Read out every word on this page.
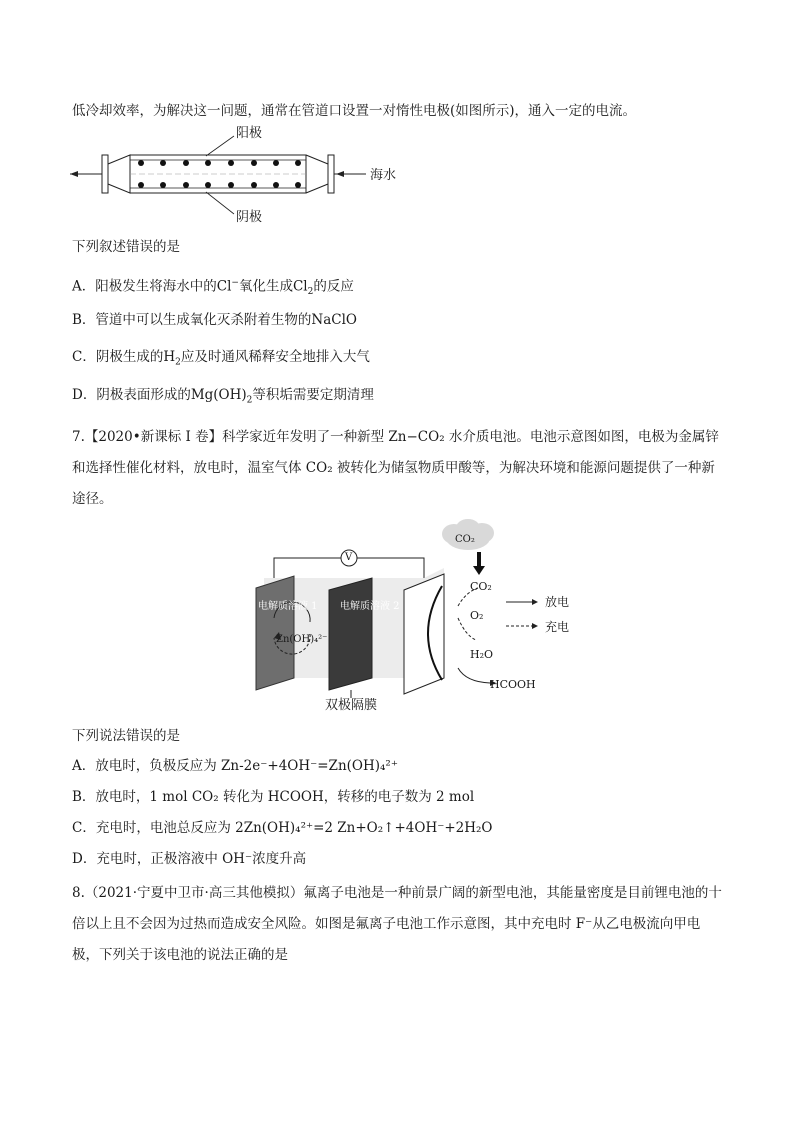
低冷却效率，为解决这一问题，通常在管道口设置一对惰性电极(如图所示)，通入一定的电流。
阳极
阴极
海水
下列叙述错误的是
A．阳极发生将海水中的Cl−氧化生成$Cl_2$的反应
B．管道中可以生成氧化灭杀附着生物的NaClO
C．阴极生成的$H_2$应及时通风稀释安全地排入大气
D．阴极表面形成的$Mg(OH)_2$等积垢需要定期清理
7.【2020•新课标 I 卷】科学家近年发明了一种新型 Zn−CO₂ 水介质电池。电池示意图如图，电极为金属锌和选择性催化材料，放电时，温室气体 CO₂ 被转化为储氢物质甲酸等，为解决环境和能源问题提供了一种新途径。
CO₂
V
电解质溶液 1 电解质溶液 2
Zn(OH)₄²⁻
CO₂
O₂
H₂O
HCOOH
放电
充电
双极隔膜
下列说法错误的是
A．放电时，负极反应为 Zn-2e⁻+4OH⁻=Zn(OH)₄²⁺
B．放电时，1 mol CO₂ 转化为 HCOOH，转移的电子数为 2 mol
C．充电时，电池总反应为 2Zn(OH)₄²⁺=2 Zn+O₂↑+4OH⁻+2H₂O
D．充电时，正极溶液中 OH⁻浓度升高
8.（2021·宁夏中卫市·高三其他模拟）氟离子电池是一种前景广阔的新型电池，其能量密度是目前锂电池的十倍以上且不会因为过热而造成安全风险。如图是氟离子电池工作示意图，其中充电时 F⁻从乙电极流向甲电极，下列关于该电池的说法正确的是
